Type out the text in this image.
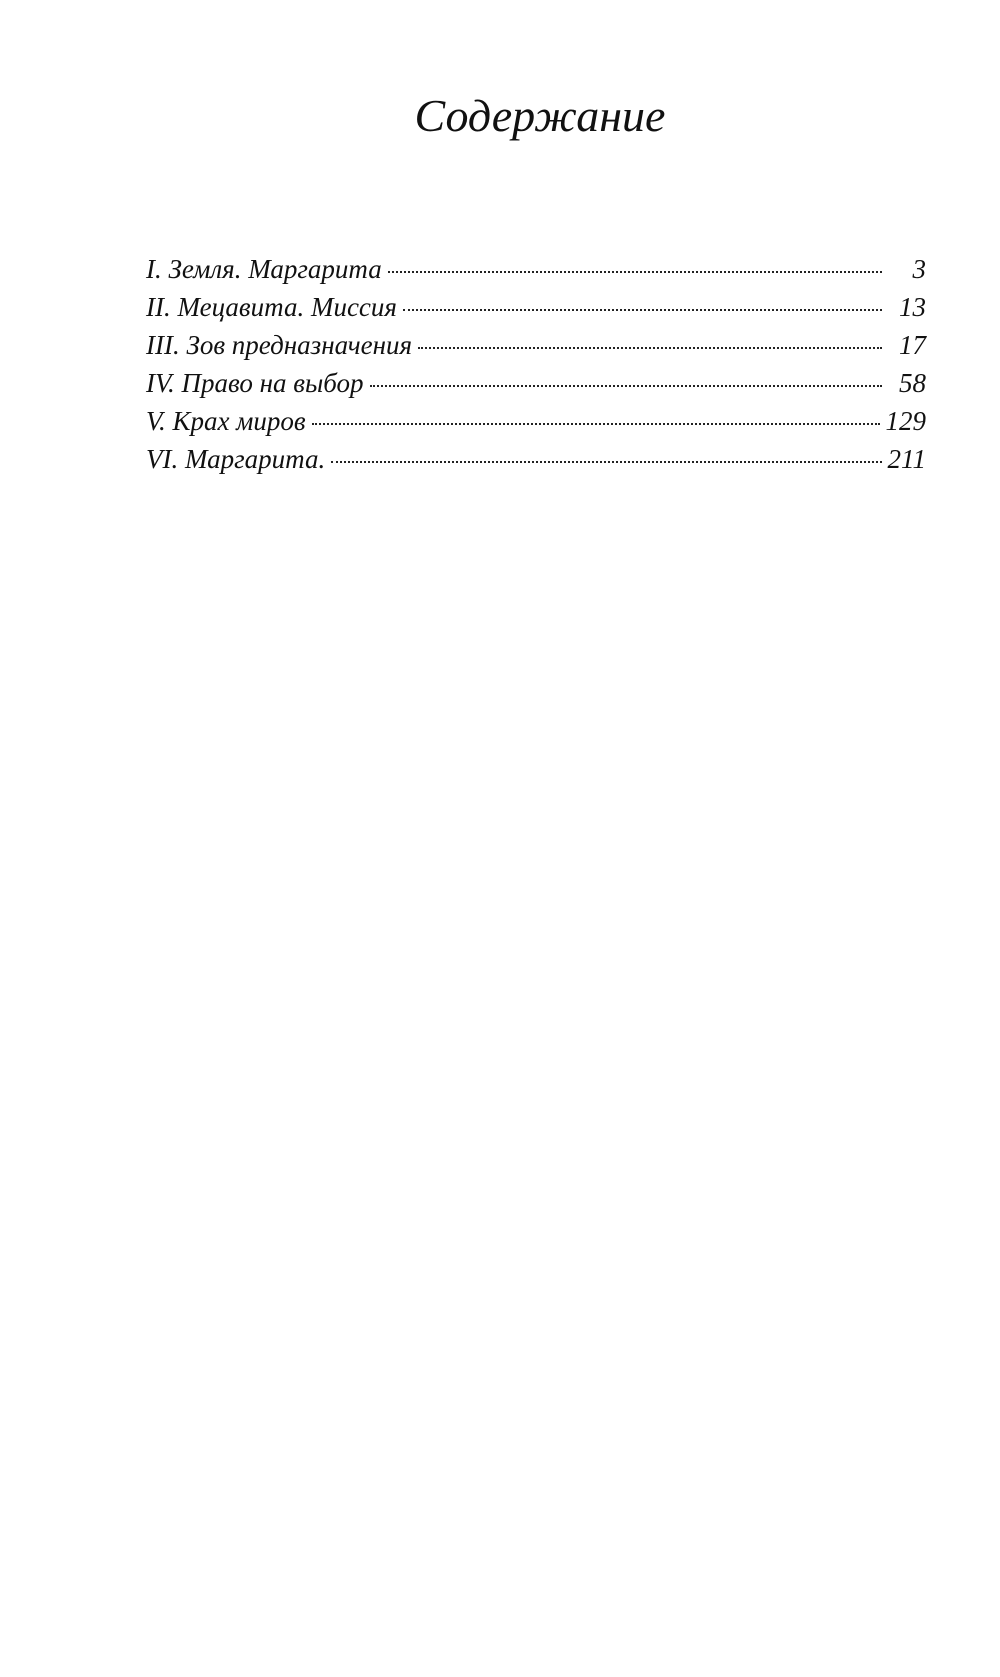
Содержание
I. Земля. Маргарита	3
II. Мецавита. Миссия	13
III. Зов предназначения	17
IV. Право на выбор	58
V. Крах миров	129
VI. Маргарита.	211
